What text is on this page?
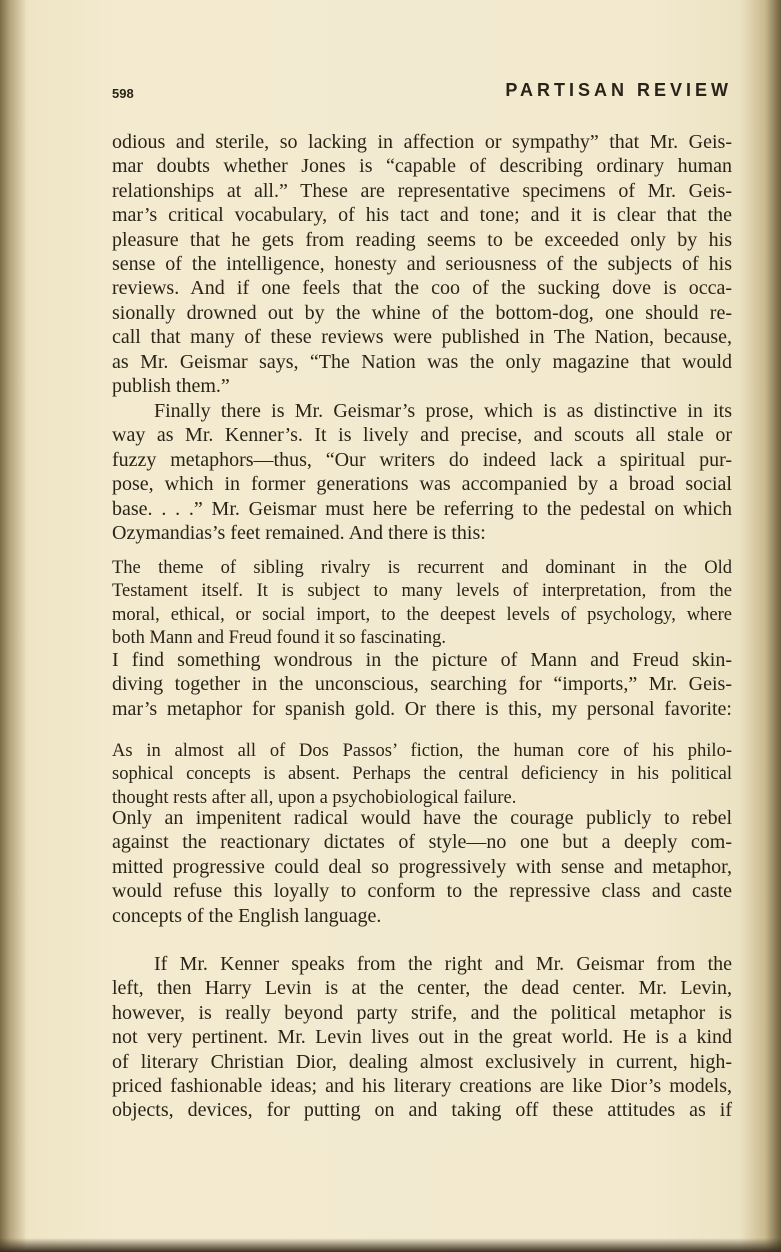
598	PARTISAN REVIEW
odious and sterile, so lacking in affection or sympathy” that Mr. Geis-
mar doubts whether Jones is “capable of describing ordinary human
relationships at all.” These are representative specimens of Mr. Geis-
mar’s critical vocabulary, of his tact and tone; and it is clear that the
pleasure that he gets from reading seems to be exceeded only by his
sense of the intelligence, honesty and seriousness of the subjects of his
reviews. And if one feels that the coo of the sucking dove is occa-
sionally drowned out by the whine of the bottom-dog, one should re-
call that many of these reviews were published in The Nation, because,
as Mr. Geismar says, “The Nation was the only magazine that would
publish them.”
Finally there is Mr. Geismar’s prose, which is as distinctive in its
way as Mr. Kenner’s. It is lively and precise, and scouts all stale or
fuzzy metaphors—thus, “Our writers do indeed lack a spiritual pur-
pose, which in former generations was accompanied by a broad social
base. . . .” Mr. Geismar must here be referring to the pedestal on which
Ozymandias’s feet remained. And there is this:
The theme of sibling rivalry is recurrent and dominant in the Old
Testament itself. It is subject to many levels of interpretation, from the
moral, ethical, or social import, to the deepest levels of psychology, where
both Mann and Freud found it so fascinating.
I find something wondrous in the picture of Mann and Freud skin-
diving together in the unconscious, searching for “imports,” Mr. Geis-
mar’s metaphor for spanish gold. Or there is this, my personal favorite:
As in almost all of Dos Passos’ fiction, the human core of his philo-
sophical concepts is absent. Perhaps the central deficiency in his political
thought rests after all, upon a psychobiological failure.
Only an impenitent radical would have the courage publicly to rebel
against the reactionary dictates of style—no one but a deeply com-
mitted progressive could deal so progressively with sense and metaphor,
would refuse this loyally to conform to the repressive class and caste
concepts of the English language.
If Mr. Kenner speaks from the right and Mr. Geismar from the
left, then Harry Levin is at the center, the dead center. Mr. Levin,
however, is really beyond party strife, and the political metaphor is
not very pertinent. Mr. Levin lives out in the great world. He is a kind
of literary Christian Dior, dealing almost exclusively in current, high-
priced fashionable ideas; and his literary creations are like Dior’s models,
objects, devices, for putting on and taking off these attitudes as if
